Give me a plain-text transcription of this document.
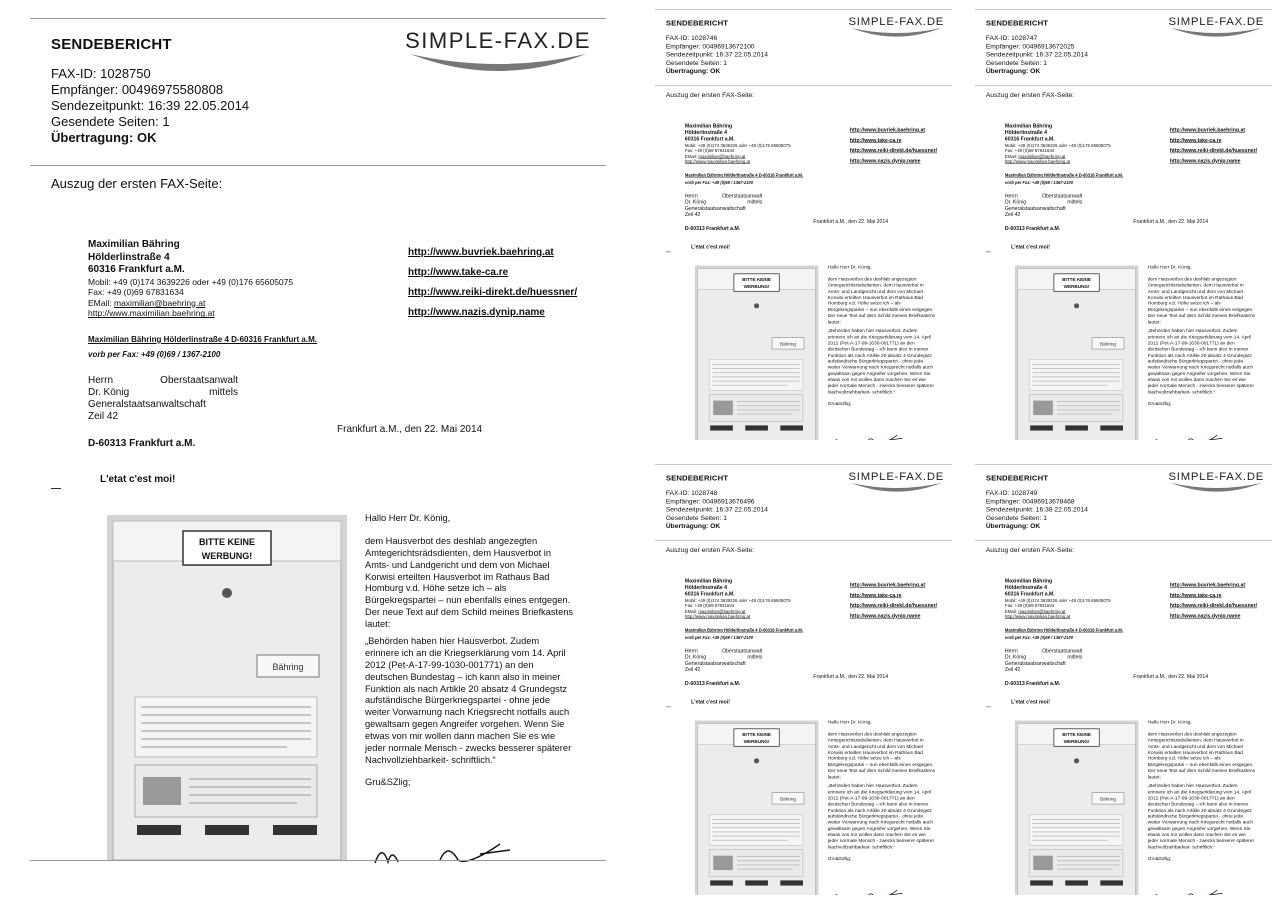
SENDEBERICHT	SIMPLE-FAX.DE
FAX-ID: 1028750
Empfänger: 00496975580808
Sendezeitpunkt: 16:39 22.05.2014
Gesendete Seiten: 1
Übertragung: OK
Auszug der ersten FAX-Seite:
Maximilian Bähring
Hölderlinstraße 4
60316 Frankfurt a.M.
Mobil: +49 (0)174 3639226 oder +49 (0)176 65605075
Fax: +49 (0)69 67831634
EMail: maximilian@baehring.at
http://www.maximilian.baehring.at
http://www.buvriek.baehring.at
http://www.take-ca.re
http://www.reiki-direkt.de/huessner/
http://www.nazis.dynip.name
Maximilian Bähring Hölderlinstraße 4 D-60316 Frankfurt a.M.
vorb per Fax: +49 (0)69 / 1367-2100
Herrn	Oberstaatsanwalt
Dr. König	mittels
Generalstaatsanwaltschaft
Zeil 42
Frankfurt a.M., den 22. Mai 2014
D-60313 Frankfurt a.M.
L'etat c'est moi!
BITTE KEINE
WERBUNG!
Bähring

Hallo Herr Dr. König,

dem Hausverbot des deshlab angezegten Amtegerichtsrädsdienten, dem Hausverbot in Amts- und Landgericht und dem von Michael Korwisi erteilten Hausverbot im Rathaus Bad Homburg v.d. Höhe setze ich – als Bürgekregspartei – nun ebenfalls eines entgegen. Der neue Text auf dem Schild meines Briefkastens lautet:

„Behörden haben hier Hausverbot. Zudem erinnere ich an die Kriegserklärung vom 14. April 2012 (Pet-A-17-99-1030-001771) an den deutschen Bundestag – ich kann also in meiner Funktion als nach Artikle 20 absatz 4 Grundegstz aufständische Bürgerkriegspartei - ohne jede weiter Vorwarnung nach Kriegsrecht notfalls auch gewaltsam gegen Angreifer vorgehen. Wenn Sie etwas von mir wollen dann machen Sie es wie jeder normale Mensch - zwecks besserer späterer Nachvollziehbarkeit- schriftlich.“

Gru&SZlig;

SENDEBERICHT	SIMPLE-FAX.DE
FAX-ID: 1028746
Empfänger: 00496913672100
Sendezeitpunkt: 16:37 22.05.2014
Gesendete Seiten: 1
Übertragung: OK
Auszug der ersten FAX-Seite:
Maximilian Bähring
Hölderlinstraße 4
60316 Frankfurt a.M.
Mobil: +49 (0)174 3639226 oder +49 (0)176 65605075
Fax: +49 (0)69 67831634
EMail: maximilian@baehring.at
http://www.maximilian.baehring.at
http://www.buvriek.baehring.at
http://www.take-ca.re
http://www.reiki-direkt.de/huessner/
http://www.nazis.dynip.name
Maximilian Bähring Hölderlinstraße 4 D-60316 Frankfurt a.M.
vorb per Fax: +49 (0)69 / 1367-2100
Herrn Oberstaatsanwalt
Dr. König	mittels
Generalstaatsanwaltschaft
Zeil 42
Frankfurt a.M., den 22. Mai 2014
D-60313 Frankfurt a.M.
L'etat c'est moi!
BITTE KEINE
WERBUNG!
Bähring

Hallo Herr Dr. König,

dem Hausverbot des deshlab angezegten Amtegerichtsrädsdienten, dem Hausverbot in Amts- und Landgericht und dem von Michael Korwisi erteilten Hausverbot im Rathaus Bad Homburg v.d. Höhe setze ich – als Bürgekregspartei – nun ebenfalls eines entgegen. Der neue Text auf dem Schild meines Briefkastens lautet:

„Behörden haben hier Hausverbot. Zudem erinnere ich an die Kriegserklärung vom 14. April 2012 (Pet-A-17-99-1030-001771) an den deutschen Bundestag – ich kann also in meiner Funktion als nach Artikle 20 absatz 4 Grundegstz aufständische Bürgerkriegspartei - ohne jede weiter Vorwarnung nach Kriegsrecht notfalls auch gewaltsam gegen Angreifer vorgehen. Wenn Sie etwas von mir wollen dann machen Sie es wie jeder normale Mensch - zwecks besserer späterer Nachvollziehbarkeit- schriftlich.“

Gru&SZlig;

SENDEBERICHT	SIMPLE-FAX.DE
FAX-ID: 1028747
Empfänger: 00496913672025
Sendezeitpunkt: 16:37 22.05.2014
Gesendete Seiten: 1
Übertragung: OK
Auszug der ersten FAX-Seite:
Maximilian Bähring
Hölderlinstraße 4
60316 Frankfurt a.M.
Mobil: +49 (0)174 3639226 oder +49 (0)176 65605075
Fax: +49 (0)69 67831634
EMail: maximilian@baehring.at
http://www.maximilian.baehring.at
http://www.buvriek.baehring.at
http://www.take-ca.re
http://www.reiki-direkt.de/huessner/
http://www.nazis.dynip.name
Maximilian Bähring Hölderlinstraße 4 D-60316 Frankfurt a.M.
vorb per Fax: +49 (0)69 / 1367-2100
Herrn Oberstaatsanwalt
Dr. König	mittels
Generalstaatsanwaltschaft
Zeil 42
Frankfurt a.M., den 22. Mai 2014
D-60313 Frankfurt a.M.
L'etat c'est moi!
BITTE KEINE
WERBUNG!
Bähring

Hallo Herr Dr. König,

dem Hausverbot des deshlab angezegten Amtegerichtsrädsdienten, dem Hausverbot in Amts- und Landgericht und dem von Michael Korwisi erteilten Hausverbot im Rathaus Bad Homburg v.d. Höhe setze ich – als Bürgekregspartei – nun ebenfalls eines entgegen. Der neue Text auf dem Schild meines Briefkastens lautet:

„Behörden haben hier Hausverbot. Zudem erinnere ich an die Kriegserklärung vom 14. April 2012 (Pet-A-17-99-1030-001771) an den deutschen Bundestag – ich kann also in meiner Funktion als nach Artikle 20 absatz 4 Grundegstz aufständische Bürgerkriegspartei - ohne jede weiter Vorwarnung nach Kriegsrecht notfalls auch gewaltsam gegen Angreifer vorgehen. Wenn Sie etwas von mir wollen dann machen Sie es wie jeder normale Mensch - zwecks besserer späterer Nachvollziehbarkeit- schriftlich.“

Gru&SZlig;

SENDEBERICHT	SIMPLE-FAX.DE
FAX-ID: 1028748
Empfänger: 00496913676496
Sendezeitpunkt: 16:37 22.05.2014
Gesendete Seiten: 1
Übertragung: OK
Auszug der ersten FAX-Seite:
Maximilian Bähring
Hölderlinstraße 4
60316 Frankfurt a.M.
Mobil: +49 (0)174 3639226 oder +49 (0)176 65605075
Fax: +49 (0)69 67831634
EMail: maximilian@baehring.at
http://www.maximilian.baehring.at
http://www.buvriek.baehring.at
http://www.take-ca.re
http://www.reiki-direkt.de/huessner/
http://www.nazis.dynip.name
Maximilian Bähring Hölderlinstraße 4 D-60316 Frankfurt a.M.
vorb per Fax: +49 (0)69 / 1367-2100
Herrn Oberstaatsanwalt
Dr. König	mittels
Generalstaatsanwaltschaft
Zeil 42
Frankfurt a.M., den 22. Mai 2014
D-60313 Frankfurt a.M.
L'etat c'est moi!
BITTE KEINE
WERBUNG!
Bähring

Hallo Herr Dr. König,

dem Hausverbot des deshlab angezegten Amtegerichtsrädsdienten, dem Hausverbot in Amts- und Landgericht und dem von Michael Korwisi erteilten Hausverbot im Rathaus Bad Homburg v.d. Höhe setze ich – als Bürgekregspartei – nun ebenfalls eines entgegen. Der neue Text auf dem Schild meines Briefkastens lautet:

„Behörden haben hier Hausverbot. Zudem erinnere ich an die Kriegserklärung vom 14. April 2012 (Pet-A-17-99-1030-001771) an den deutschen Bundestag – ich kann also in meiner Funktion als nach Artikle 20 absatz 4 Grundegstz aufständische Bürgerkriegspartei - ohne jede weiter Vorwarnung nach Kriegsrecht notfalls auch gewaltsam gegen Angreifer vorgehen. Wenn Sie etwas von mir wollen dann machen Sie es wie jeder normale Mensch - zwecks besserer späterer Nachvollziehbarkeit- schriftlich.“

Gru&SZlig;

SENDEBERICHT	SIMPLE-FAX.DE
FAX-ID: 1028749
Empfänger: 00496913678468
Sendezeitpunkt: 16:38 22.05.2014
Gesendete Seiten: 1
Übertragung: OK
Auszug der ersten FAX-Seite:
Maximilian Bähring
Hölderlinstraße 4
60316 Frankfurt a.M.
Mobil: +49 (0)174 3639226 oder +49 (0)176 65605075
Fax: +49 (0)69 67831634
EMail: maximilian@baehring.at
http://www.maximilian.baehring.at
http://www.buvriek.baehring.at
http://www.take-ca.re
http://www.reiki-direkt.de/huessner/
http://www.nazis.dynip.name
Maximilian Bähring Hölderlinstraße 4 D-60316 Frankfurt a.M.
vorb per Fax: +49 (0)69 / 1367-2100
Herrn Oberstaatsanwalt
Dr. König	mittels
Generalstaatsanwaltschaft
Zeil 42
Frankfurt a.M., den 22. Mai 2014
D-60313 Frankfurt a.M.
L'etat c'est moi!
BITTE KEINE
WERBUNG!
Bähring

Hallo Herr Dr. König,

dem Hausverbot des deshlab angezegten Amtegerichtsrädsdienten, dem Hausverbot in Amts- und Landgericht und dem von Michael Korwisi erteilten Hausverbot im Rathaus Bad Homburg v.d. Höhe setze ich – als Bürgekregspartei – nun ebenfalls eines entgegen. Der neue Text auf dem Schild meines Briefkastens lautet:

„Behörden haben hier Hausverbot. Zudem erinnere ich an die Kriegserklärung vom 14. April 2012 (Pet-A-17-99-1030-001771) an den deutschen Bundestag – ich kann also in meiner Funktion als nach Artikle 20 absatz 4 Grundegstz aufständische Bürgerkriegspartei - ohne jede weiter Vorwarnung nach Kriegsrecht notfalls auch gewaltsam gegen Angreifer vorgehen. Wenn Sie etwas von mir wollen dann machen Sie es wie jeder normale Mensch - zwecks besserer späterer Nachvollziehbarkeit- schriftlich.“

Gru&SZlig;
